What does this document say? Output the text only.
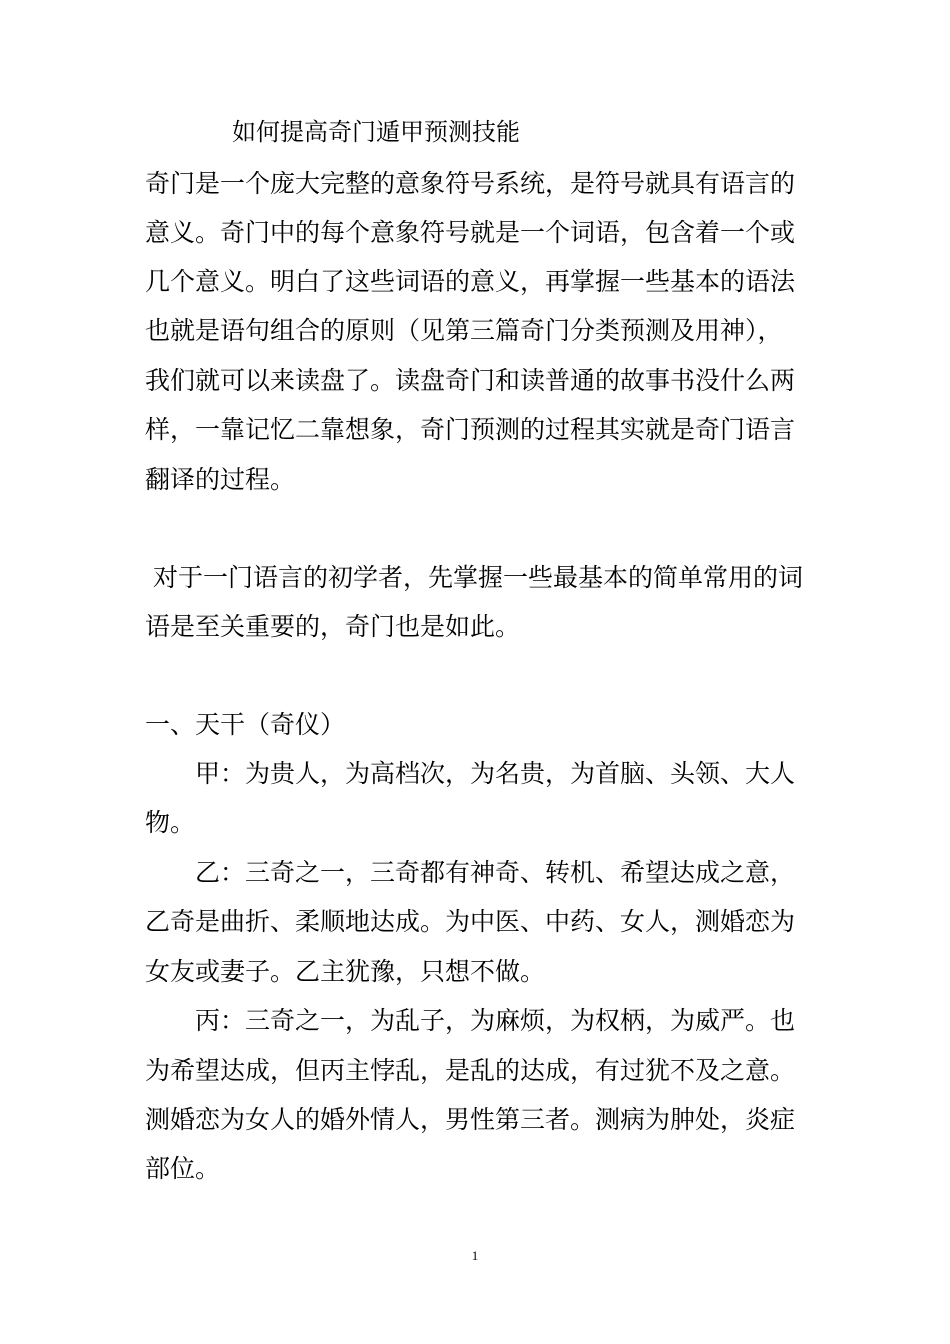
如何提高奇门遁甲预测技能

奇门是一个庞大完整的意象符号系统，是符号就具有语言的

意义。奇门中的每个意象符号就是一个词语，包含着一个或

几个意义。明白了这些词语的意义，再掌握一些基本的语法

也就是语句组合的原则（见第三篇奇门分类预测及用神），

我们就可以来读盘了。读盘奇门和读普通的故事书没什么两

样，一靠记忆二靠想象，奇门预测的过程其实就是奇门语言

翻译的过程。

对于一门语言的初学者，先掌握一些最基本的简单常用的词

语是至关重要的，奇门也是如此。

一、天干（奇仪）

甲：为贵人，为高档次，为名贵，为首脑、头领、大人

物。

乙：三奇之一，三奇都有神奇、转机、希望达成之意，

乙奇是曲折、柔顺地达成。为中医、中药、女人，测婚恋为

女友或妻子。乙主犹豫，只想不做。

丙：三奇之一，为乱子，为麻烦，为权柄，为威严。也

为希望达成，但丙主悖乱，是乱的达成，有过犹不及之意。

测婚恋为女人的婚外情人，男性第三者。测病为肿处，炎症

部位。

1
